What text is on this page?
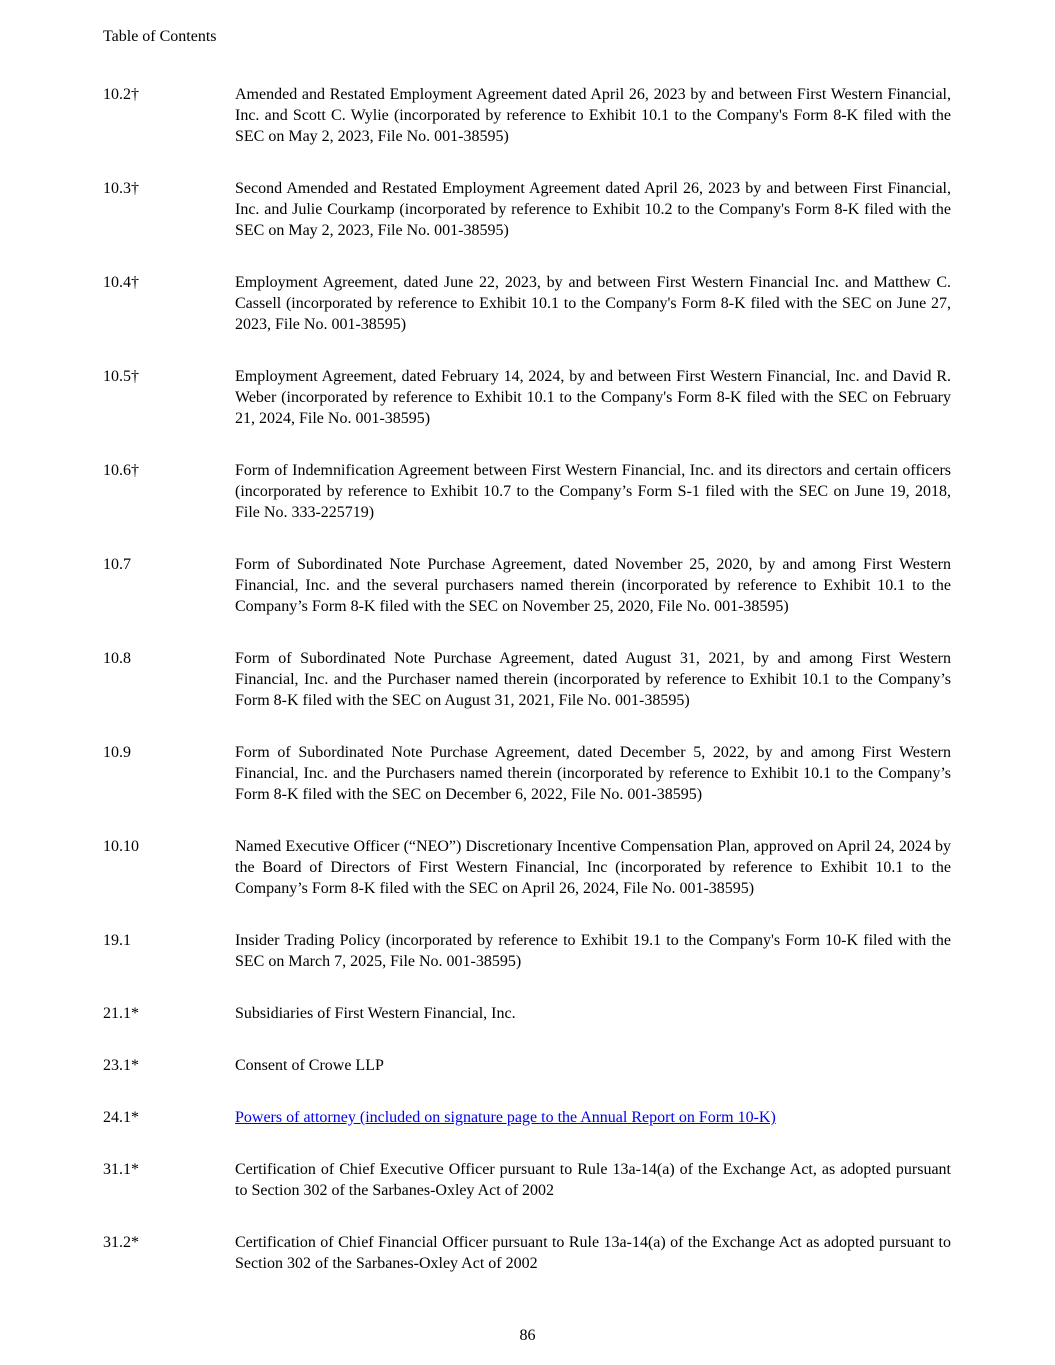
Table of Contents
10.2†	Amended and Restated Employment Agreement dated April 26, 2023 by and between First Western Financial, Inc. and Scott C. Wylie (incorporated by reference to Exhibit 10.1 to the Company's Form 8-K filed with the SEC on May 2, 2023, File No. 001-38595)
10.3†	Second Amended and Restated Employment Agreement dated April 26, 2023 by and between First Financial, Inc. and Julie Courkamp (incorporated by reference to Exhibit 10.2 to the Company's Form 8-K filed with the SEC on May 2, 2023, File No. 001-38595)
10.4†	Employment Agreement, dated June 22, 2023, by and between First Western Financial Inc. and Matthew C. Cassell (incorporated by reference to Exhibit 10.1 to the Company's Form 8-K filed with the SEC on June 27, 2023, File No. 001-38595)
10.5†	Employment Agreement, dated February 14, 2024, by and between First Western Financial, Inc. and David R. Weber (incorporated by reference to Exhibit 10.1 to the Company's Form 8-K filed with the SEC on February 21, 2024, File No. 001-38595)
10.6†	Form of Indemnification Agreement between First Western Financial, Inc. and its directors and certain officers (incorporated by reference to Exhibit 10.7 to the Company’s Form S-1 filed with the SEC on June 19, 2018, File No. 333-225719)
10.7	Form of Subordinated Note Purchase Agreement, dated November 25, 2020, by and among First Western Financial, Inc. and the several purchasers named therein (incorporated by reference to Exhibit 10.1 to the Company’s Form 8-K filed with the SEC on November 25, 2020, File No. 001-38595)
10.8	Form of Subordinated Note Purchase Agreement, dated August 31, 2021, by and among First Western Financial, Inc. and the Purchaser named therein (incorporated by reference to Exhibit 10.1 to the Company’s Form 8-K filed with the SEC on August 31, 2021, File No. 001-38595)
10.9	Form of Subordinated Note Purchase Agreement, dated December 5, 2022, by and among First Western Financial, Inc. and the Purchasers named therein (incorporated by reference to Exhibit 10.1 to the Company’s Form 8-K filed with the SEC on December 6, 2022, File No. 001-38595)
10.10	Named Executive Officer (“NEO”) Discretionary Incentive Compensation Plan, approved on April 24, 2024 by the Board of Directors of First Western Financial, Inc (incorporated by reference to Exhibit 10.1 to the Company’s Form 8-K filed with the SEC on April 26, 2024, File No. 001-38595)
19.1	Insider Trading Policy (incorporated by reference to Exhibit 19.1 to the Company's Form 10-K filed with the SEC on March 7, 2025, File No. 001-38595)
21.1*	Subsidiaries of First Western Financial, Inc.
23.1*	Consent of Crowe LLP
24.1*	Powers of attorney (included on signature page to the Annual Report on Form 10-K)
31.1*	Certification of Chief Executive Officer pursuant to Rule 13a-14(a) of the Exchange Act, as adopted pursuant to Section 302 of the Sarbanes-Oxley Act of 2002
31.2*	Certification of Chief Financial Officer pursuant to Rule 13a-14(a) of the Exchange Act as adopted pursuant to Section 302 of the Sarbanes-Oxley Act of 2002
86
